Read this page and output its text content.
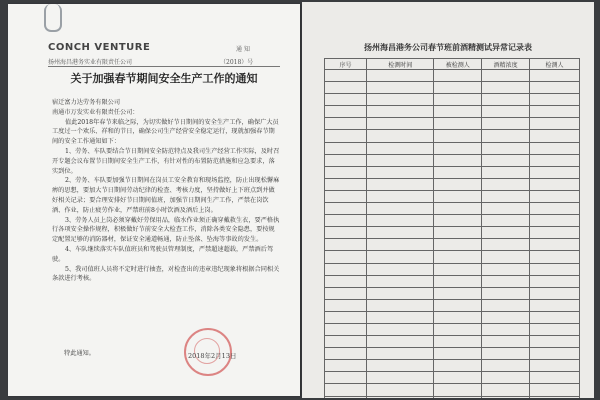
CONCH VENTURE	通 知
扬州海昌港务实业有限责任公司	（2018）号
关于加强春节期间安全生产工作的通知

宿迁富力达劳务有限公司

南通市万发实业有限责任公司：

值此2018年春节来临之际，为切实做好节日期间的安全生产工作，确保广大员工度过一个欢乐、祥和的节日，确保公司生产经营安全稳定运行，现就加强春节期间的安全工作通知如下：

1、劳务、车队要结合节日期间安全防范特点及我司生产经营工作实际，及时召开专题会议布置节日期间安全生产工作，有针对性的布置防范措施和应急要求，落实到位。

2、劳务、车队要加强节日期间在岗员工安全教育和现场监控，防止出现松懈麻痹的思想，要加大节日期间劳动纪律的检查、考核力度，坚持做好上下班点到并做好相关记录；要合理安排好节日期间值班，加强节日期间生产工作，严禁在岗饮酒、作业，防止疲劳作业，严禁班前8小时饮酒及酒后上岗。

3、劳务人员上岗必须穿戴好劳保用品，临水作业须正确穿戴救生衣，要严格执行各项安全操作规程，积极做好节前安全大检查工作，消除各类安全隐患，要按规定配置足够的消防器材，保证安全通道畅通，防止坠落、坠海等事故的发生。

4、车队继续落实车队值班员和驾驶员管理制度，严禁超速超载，严禁酒后驾驶。

5、我司值班人员将不定时进行抽查，对检查出的违章违纪现象将根据合同相关条款进行考核。

特此通知。	2018年2月13日
扬州海昌港务公司春节班前酒精测试异常记录表
序号	检测时间	被检测人	酒精浓度	检测人
